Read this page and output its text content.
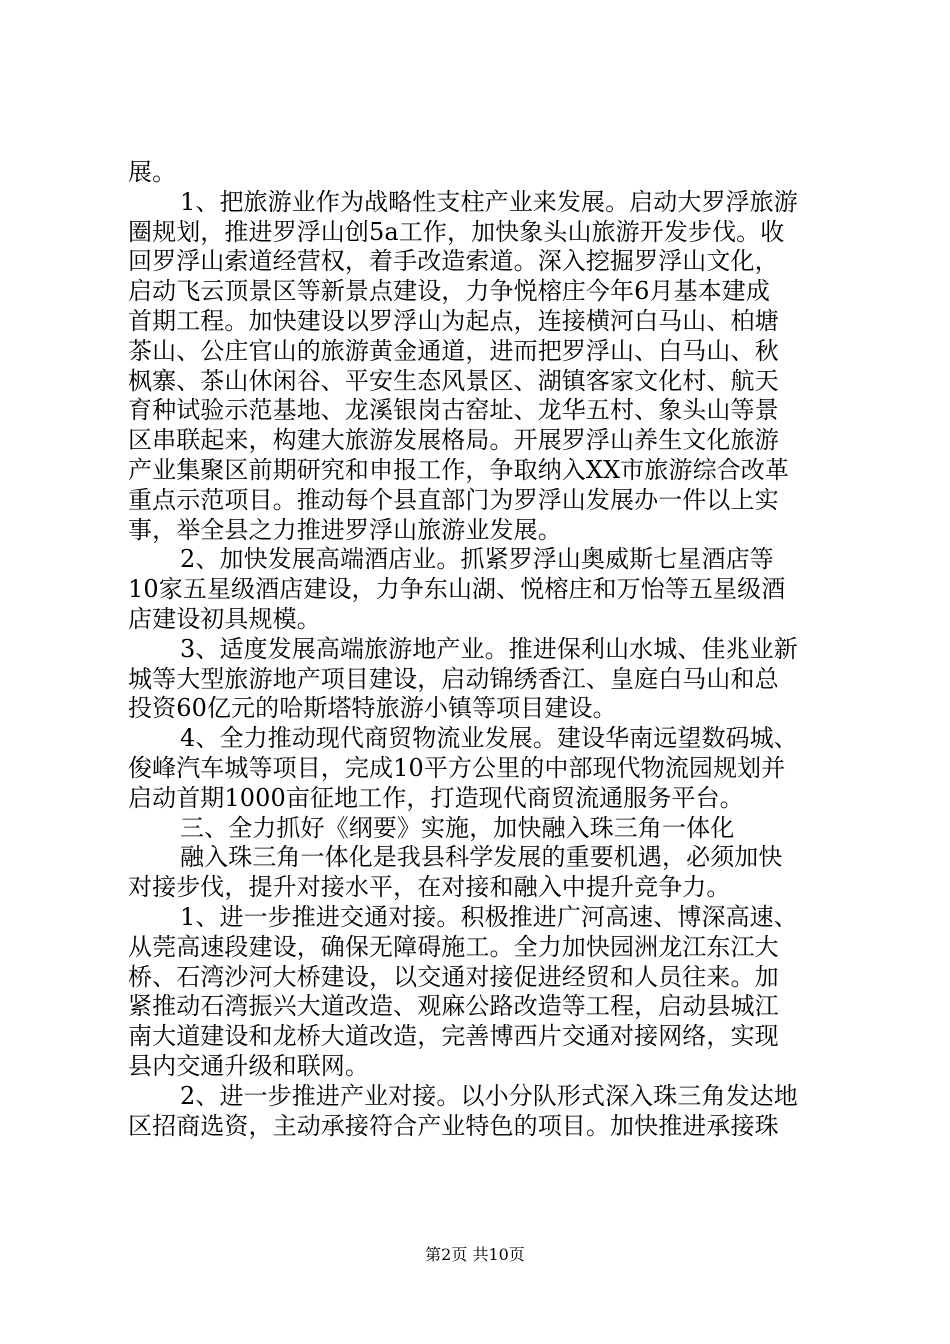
展。
1、把旅游业作为战略性支柱产业来发展。启动大罗浮旅游
圈规划，推进罗浮山创5a工作，加快象头山旅游开发步伐。收
回罗浮山索道经营权，着手改造索道。深入挖掘罗浮山文化，
启动飞云顶景区等新景点建设，力争悦榕庄今年6月基本建成
首期工程。加快建设以罗浮山为起点，连接横河白马山、柏塘
茶山、公庄官山的旅游黄金通道，进而把罗浮山、白马山、秋
枫寨、茶山休闲谷、平安生态风景区、湖镇客家文化村、航天
育种试验示范基地、龙溪银岗古窑址、龙华五村、象头山等景
区串联起来，构建大旅游发展格局。开展罗浮山养生文化旅游
产业集聚区前期研究和申报工作，争取纳入XX市旅游综合改革
重点示范项目。推动每个县直部门为罗浮山发展办一件以上实
事，举全县之力推进罗浮山旅游业发展。
2、加快发展高端酒店业。抓紧罗浮山奥威斯七星酒店等
10家五星级酒店建设，力争东山湖、悦榕庄和万怡等五星级酒
店建设初具规模。
3、适度发展高端旅游地产业。推进保利山水城、佳兆业新
城等大型旅游地产项目建设，启动锦绣香江、皇庭白马山和总
投资60亿元的哈斯塔特旅游小镇等项目建设。
4、全力推动现代商贸物流业发展。建设华南远望数码城、
俊峰汽车城等项目，完成10平方公里的中部现代物流园规划并
启动首期1000亩征地工作，打造现代商贸流通服务平台。
三、全力抓好《纲要》实施，加快融入珠三角一体化
融入珠三角一体化是我县科学发展的重要机遇，必须加快
对接步伐，提升对接水平，在对接和融入中提升竞争力。
1、进一步推进交通对接。积极推进广河高速、博深高速、
从莞高速段建设，确保无障碍施工。全力加快园洲龙江东江大
桥、石湾沙河大桥建设，以交通对接促进经贸和人员往来。加
紧推动石湾振兴大道改造、观麻公路改造等工程，启动县城江
南大道建设和龙桥大道改造，完善博西片交通对接网络，实现
县内交通升级和联网。
2、进一步推进产业对接。以小分队形式深入珠三角发达地
区招商选资，主动承接符合产业特色的项目。加快推进承接珠
第2页 共10页
